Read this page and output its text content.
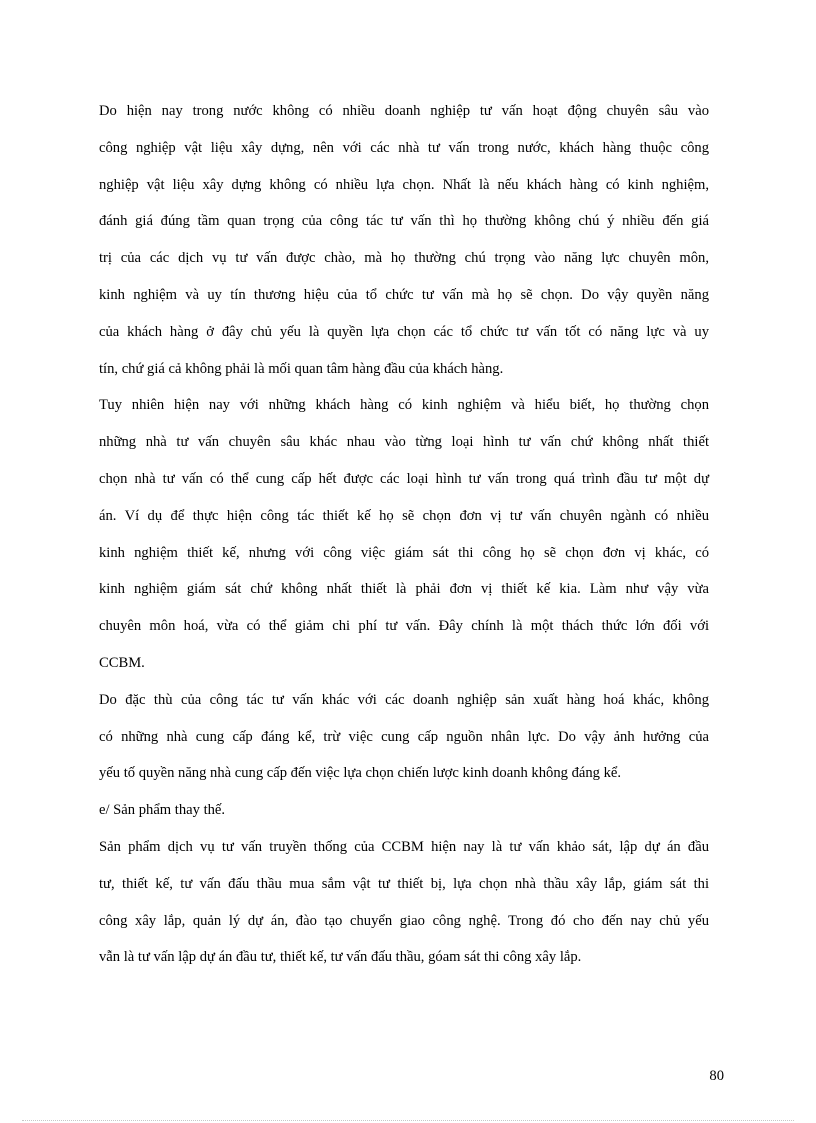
Do hiện nay trong nước không có nhiều doanh nghiệp tư vấn hoạt động chuyên sâu vào
công nghiệp vật liệu xây dựng, nên với các nhà tư vấn trong nước, khách hàng thuộc công
nghiệp vật liệu xây dựng không có nhiều lựa chọn. Nhất là nếu khách hàng có kinh nghiệm,
đánh giá đúng tầm quan trọng của công tác tư vấn thì họ thường không chú ý nhiều đến giá
trị của các dịch vụ tư vấn được chào, mà họ thường chú trọng vào năng lực chuyên môn,
kinh nghiệm và uy tín thương hiệu của tổ chức tư vấn mà họ sẽ chọn. Do vậy quyền năng
của khách hàng ở đây chủ yếu là quyền lựa chọn các tổ chức tư vấn tốt có năng lực và uy
tín, chứ giá cả không phải là mối quan tâm hàng đầu của khách hàng.
Tuy nhiên hiện nay với những khách hàng có kinh nghiệm và hiểu biết, họ thường chọn
những nhà tư vấn chuyên sâu khác nhau vào từng loại hình tư vấn chứ không nhất thiết
chọn nhà tư vấn có thể cung cấp hết được các loại hình tư vấn trong quá trình đầu tư một dự
án. Ví dụ để thực hiện công tác thiết kế họ sẽ chọn đơn vị tư vấn chuyên ngành có nhiều
kinh nghiệm thiết kế, nhưng với công việc giám sát thi công họ sẽ chọn đơn vị khác, có
kinh nghiệm giám sát chứ không nhất thiết là phải đơn vị thiết kế kia. Làm như vậy vừa
chuyên môn hoá, vừa có thể giảm chi phí tư vấn. Đây chính là một thách thức lớn đối với
CCBM.
Do đặc thù của công tác tư vấn khác với các doanh nghiệp sản xuất hàng hoá khác, không
có những nhà cung cấp đáng kể, trừ việc cung cấp nguồn nhân lực. Do vậy ảnh hưởng của
yếu tố quyền năng nhà cung cấp đến việc lựa chọn chiến lược kinh doanh không đáng kể.
e/ Sản phẩm thay thế.
Sản phẩm dịch vụ tư vấn truyền thống của CCBM hiện nay là tư vấn khảo sát, lập dự án đầu
tư, thiết kế, tư vấn đấu thầu mua sắm vật tư thiết bị, lựa chọn nhà thầu xây lắp, giám sát thi
công xây lắp, quản lý dự án, đào tạo chuyển giao công nghệ. Trong đó cho đến nay chủ yếu
vẫn là tư vấn lập dự án đầu tư, thiết kế, tư vấn đấu thầu, góam sát thi công xây lắp.
80
